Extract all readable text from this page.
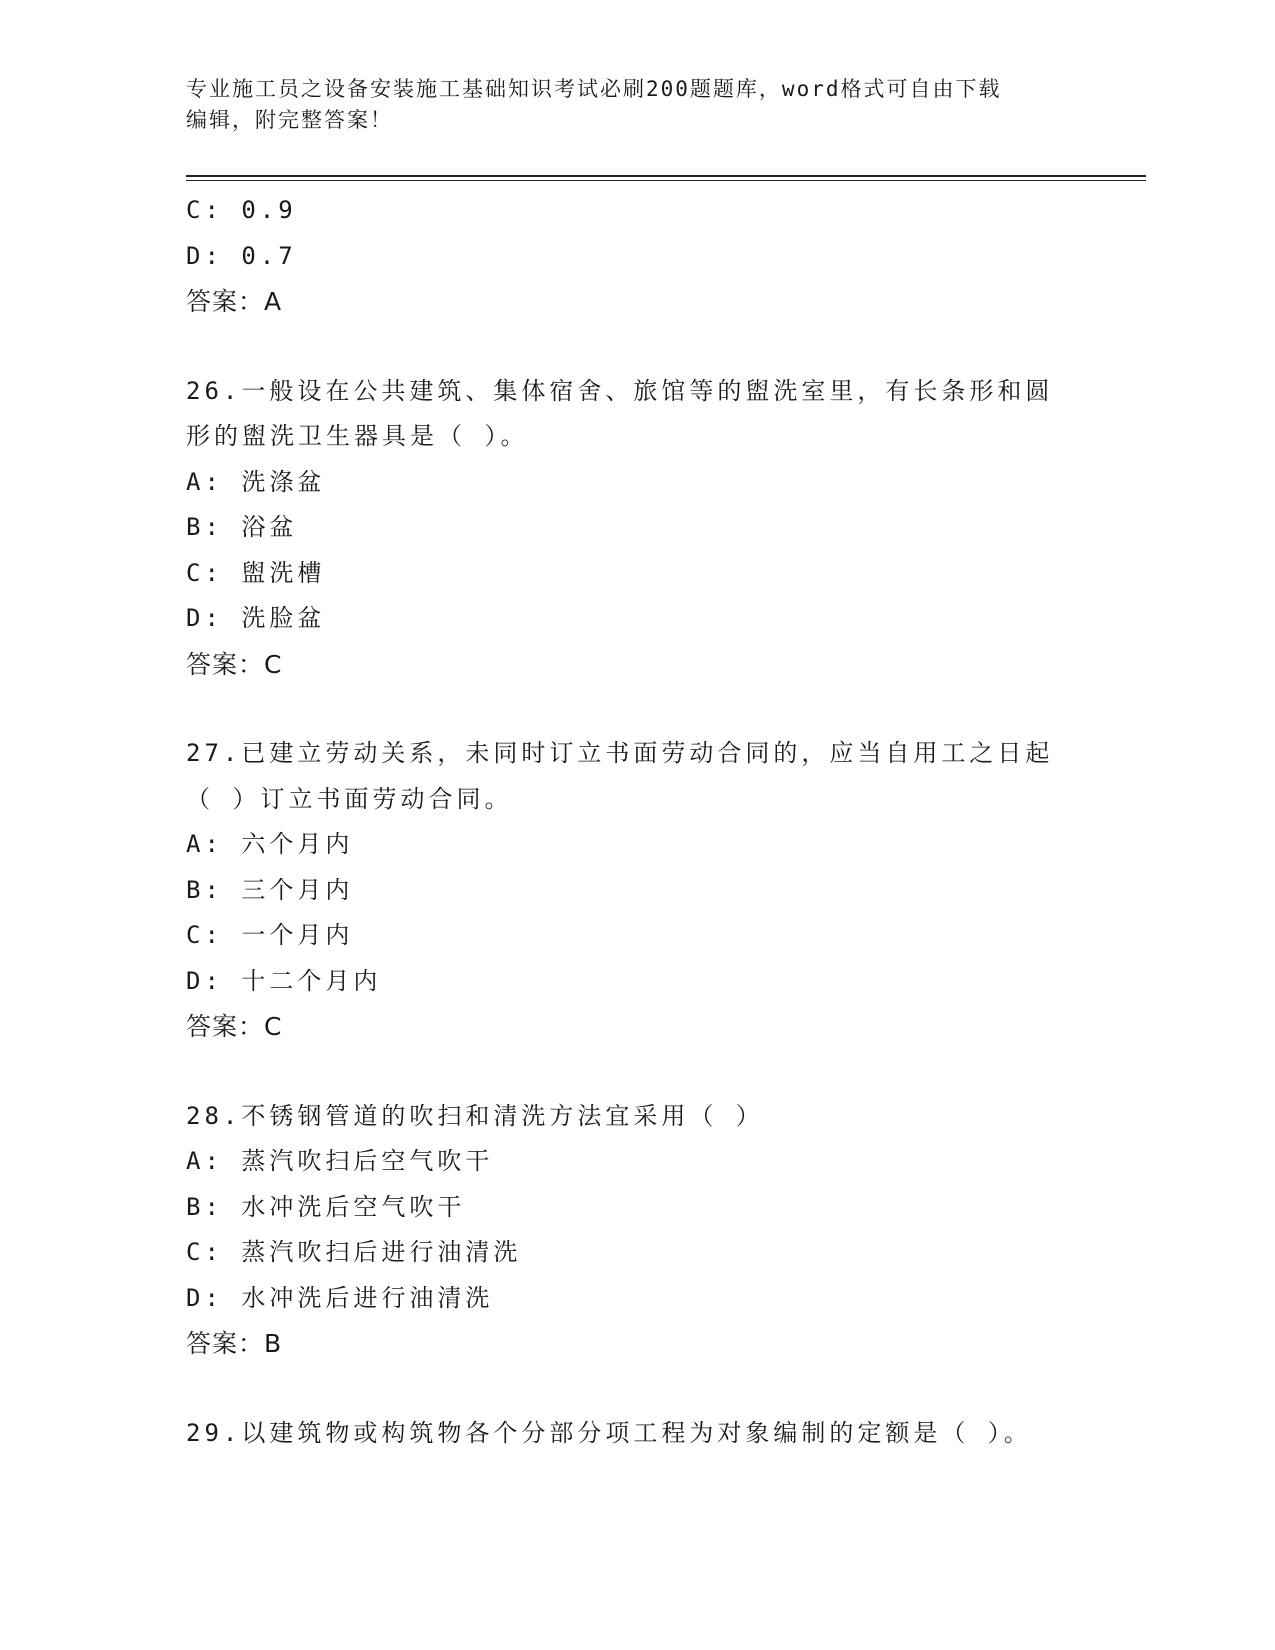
专业施工员之设备安装施工基础知识考试必刷200题题库，word格式可自由下载
编辑，附完整答案！
C: 0.9
D: 0.7
答案：A
26.一般设在公共建筑、集体宿舍、旅馆等的盥洗室里，有长条形和圆
形的盥洗卫生器具是（ ）。
A: 洗涤盆
B: 浴盆
C: 盥洗槽
D: 洗脸盆
答案：C
27.已建立劳动关系，未同时订立书面劳动合同的，应当自用工之日起
（ ）订立书面劳动合同。
A: 六个月内
B: 三个月内
C: 一个月内
D: 十二个月内
答案：C
28.不锈钢管道的吹扫和清洗方法宜采用（ ）
A: 蒸汽吹扫后空气吹干
B: 水冲洗后空气吹干
C: 蒸汽吹扫后进行油清洗
D: 水冲洗后进行油清洗
答案：B
29.以建筑物或构筑物各个分部分项工程为对象编制的定额是（ ）。
